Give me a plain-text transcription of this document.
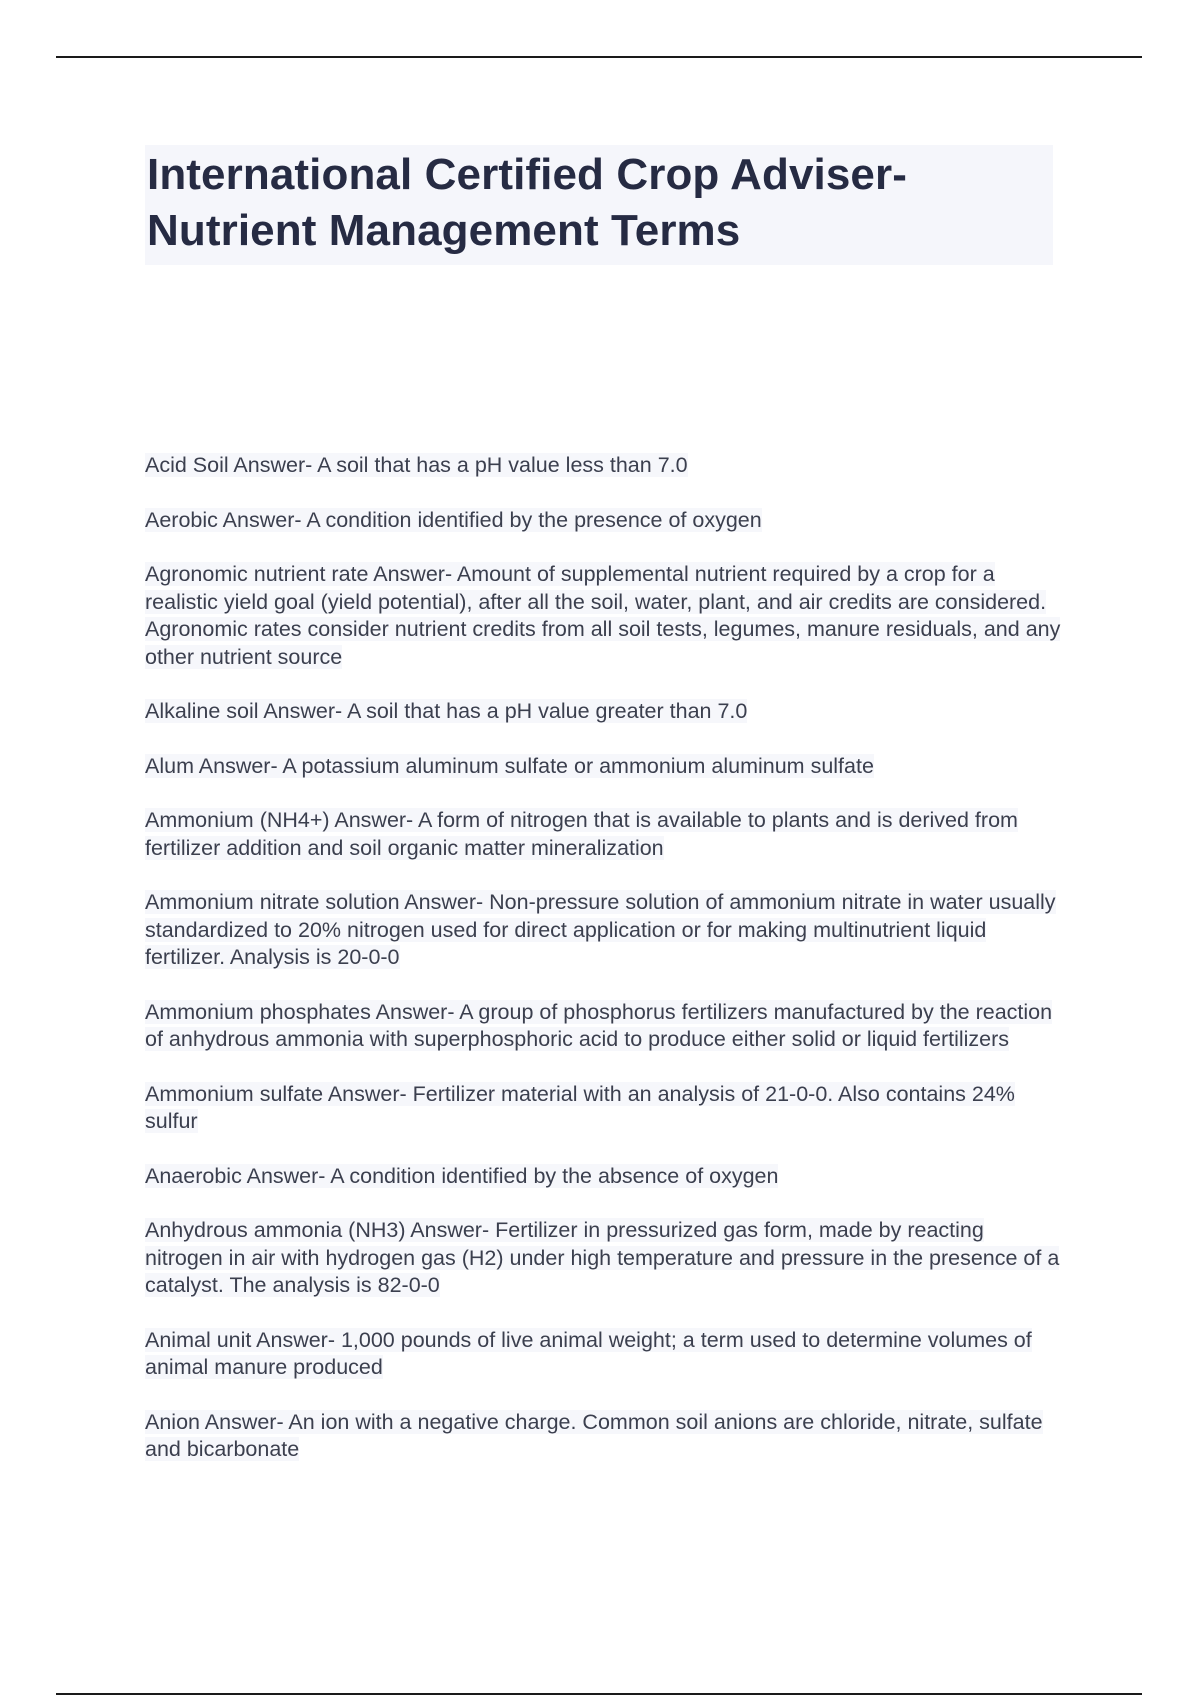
International Certified Crop Adviser- Nutrient Management Terms

Acid Soil Answer- A soil that has a pH value less than 7.0

Aerobic Answer- A condition identified by the presence of oxygen

Agronomic nutrient rate Answer- Amount of supplemental nutrient required by a crop for a realistic yield goal (yield potential), after all the soil, water, plant, and air credits are considered. Agronomic rates consider nutrient credits from all soil tests, legumes, manure residuals, and any other nutrient source

Alkaline soil Answer- A soil that has a pH value greater than 7.0

Alum Answer- A potassium aluminum sulfate or ammonium aluminum sulfate

Ammonium (NH4+) Answer- A form of nitrogen that is available to plants and is derived from fertilizer addition and soil organic matter mineralization

Ammonium nitrate solution Answer- Non-pressure solution of ammonium nitrate in water usually standardized to 20% nitrogen used for direct application or for making multinutrient liquid fertilizer. Analysis is 20-0-0

Ammonium phosphates Answer- A group of phosphorus fertilizers manufactured by the reaction of anhydrous ammonia with superphosphoric acid to produce either solid or liquid fertilizers

Ammonium sulfate Answer- Fertilizer material with an analysis of 21-0-0. Also contains 24% sulfur

Anaerobic Answer- A condition identified by the absence of oxygen

Anhydrous ammonia (NH3) Answer- Fertilizer in pressurized gas form, made by reacting nitrogen in air with hydrogen gas (H2) under high temperature and pressure in the presence of a catalyst. The analysis is 82-0-0

Animal unit Answer- 1,000 pounds of live animal weight; a term used to determine volumes of animal manure produced

Anion Answer- An ion with a negative charge. Common soil anions are chloride, nitrate, sulfate and bicarbonate
